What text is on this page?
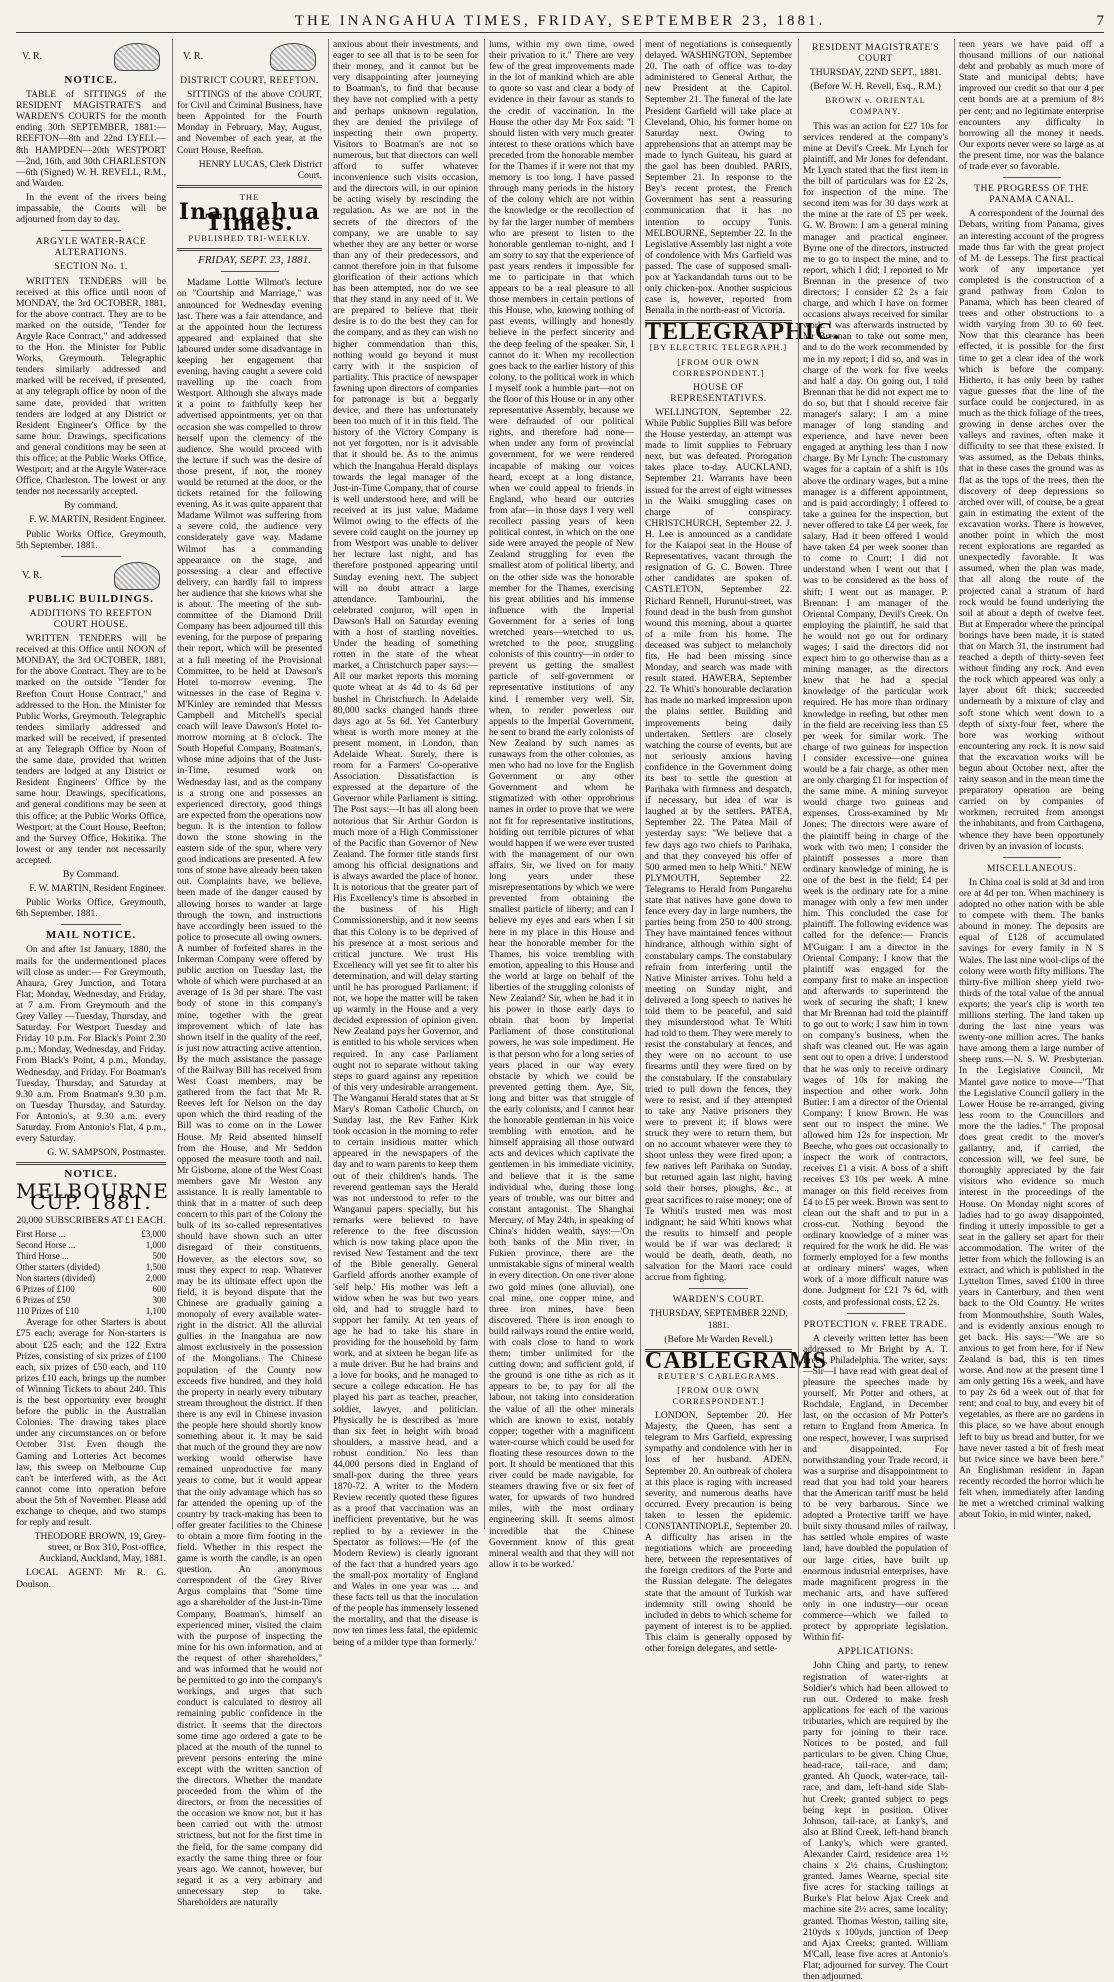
THE INANGAHUA TIMES, FRIDAY, SEPTEMBER 23, 1881.	7
V. R.
NOTICE.

TABLE of SITTINGS of the RESIDENT MAGISTRATE'S and WARDEN'S COURTS for the month ending 30th SEPTEMBER, 1881:— REEFTON—8th and 22nd LYELL—8th HAMPDEN—20th WESTPORT—2nd, 16th, and 30th CHARLESTON—6th (Signed) W. H. REVELL, R.M., and Warden.

In the event of the rivers being impassable, the Courts will be adjourned from day to day.

ARGYLE WATER-RACE ALTERATIONS.
SECTION No. 1.

WRITTEN TENDERS will be received at this office until noon of MONDAY, the 3rd OCTOBER, 1881, for the above contract. They are to be marked on the outside, "Tender for Argyle Race Contract," and addressed to the Hon. the Minister for Public Works, Greymouth. Telegraphic tenders similarly addressed and marked will be received, if presented, at any telegraph office by noon of the same date, provided that written tenders are lodged at any District or Resident Engineer's Office by the same hour. Drawings, specifications and general conditions may be seen at this office; at the Public Works Office, Westport; and at the Argyle Water-race Office, Charleston. The lowest or any tender not necessarily accepted.

By command.

F. W. MARTIN, Resident Engineer.

Public Works Office, Greymouth, 5th September, 1881.

V. R.
PUBLIC BUILDINGS.
ADDITIONS TO REEFTON COURT HOUSE.

WRITTEN TENDERS will be received at this Office until NOON of MONDAY, the 3rd OCTOBER, 1881, for the above Contract. They are to be marked on the outside "Tender for Reefton Court House Contract," and addressed to the Hon. the Minister for Public Works, Greymouth. Telegraphic tenders similarly addressed and marked will be received, if presented at any Telegraph Office by Noon of the same date, provided that written tenders are lodged at any District or Resident Engineers' Office by the same hour. Drawings, specifications, and general conditions may be seen at this office; at the Public Works Office, Westport; at the Court House, Reefton; and the Survey Office, Hokitika. The lowest or any tender not necessarily accepted.

By Command.

F. W. MARTIN, Resident Engineer.

Public Works Office, Greymouth, 6th September, 1881.

MAIL NOTICE.

On and after 1st January, 1880, the mails for the undermentioned places will close as under:— For Greymouth, Ahaura, Grey Junction, and Totara Flat; Monday, Wednesday, and Friday, at 7 a.m. From Greymouth and the Grey Valley —Tuesday, Thursday, and Saturday. For Westport Tuesday and Friday 10 p.m. For Black's Point 2.30 p.m.; Monday, Wednesday, and Friday. From Black's Point, 4 p.m., Monday, Wednesday, and Friday. For Boatman's Tuesday, Thursday, and Saturday at 9.30 a.m. From Boatman's 9.30 p.m. on Tuesday Thursday, and Saturday. For Antonio's, at 9.30 a.m. every Saturday. From Antonio's Flat, 4 p.m., every Saturday.

G. W. SAMPSON, Postmaster.

NOTICE.
MELBOURNE CUP. 1881.

20,000 SUBSCRIBERS AT £1 EACH.

First Horse ...	£3,000
Second Horse ...	1,000
Third Horse ...	500
Other starters (divided)	1,500
Non starters (divided)	2,000
6 Prizes of £100	600
6 Prizes of £50	300
110 Prizes of £10	1,100

Average for other Starters is about £75 each; average for Non-starters is about £25 each; and the 122 Extra Prizes, consisting of six prizes of £100 each, six prizes of £50 each, and 110 prizes £10 each, brings up the number of Winning Tickets to about 240. This is the best opportunity ever brought before the public in the Australian Colonies. The drawing takes place under any circumstances on or before October 31st. Even though the Gaming and Lotteries Act becomes law, this sweep on Melbourne Cup can't be interfered with, as the Act cannot come into operation before about the 5th of November. Please add exchange to cheque, and two stamps for reply and result.

THEODORE BROWN, 19, Grey-street, or Box 310, Post-office, Auckland, Auckland, May, 1881.

LOCAL AGENT: Mr R. G. Doulson.

V. R.
DISTRICT COURT, REEFTON.

SITTINGS of the above COURT, for Civil and Criminal Business, have been Appointed for the Fourth Monday in February, May, August, and November of each year, at the Court House, Reefton.

HENRY LUCAS, Clerk District Court.

THE

Inangahua Times.

PUBLISHED TRI-WEEKLY.

FRIDAY, SEPT. 23, 1881.

Madame Lottie Wilmot's lecture on "Courtship and Marriage," was announced for Wednesday evening last. There was a fair attendance, and at the appointed hour the lecturess appeared and explained that she laboured under some disadvantage in keeping her engagement that evening, having caught a severe cold travelling up the coach from Westport. Although she always made it a point to faithfully keep her advertised appointments, yet on that occasion she was compelled to throw herself upon the clemency of the audience. She would proceed with the lecture if such was the desire of those present, if not, the money would be returned at the door, or the tickets retained for the following evening. As it was quite apparent that Madame Wilmot was suffering from a severe cold, the audience very considerately gave way. Madame Wilmot has a commanding appearance on the stage, and possessing a clear and effective delivery, can hardly fail to impress her audience that she knows what she is about. The meeting of the sub-committee of the Diamond Drill Company has been adjourned till this evening, for the purpose of preparing their report, which will be presented at a full meeting of the Provisional Committee, to be held at Dawson's Hotel to-morrow evening. The witnesses in the case of Regina v. M'Kinley are reminded that Messrs Campbell and Mitchell's special coach will leave Dawson's Hotel to-morrow morning at 8 o'clock. The South Hopeful Company, Boatman's, whose mine adjoins that of the Just-in-Time, resumed work on Wednesday last, and as the company is a strong one and possesses an experienced directory, good things are expected from the operations now begun. It is the intention to follow down the stone showing in the eastern side of the spur, where very good indications are presented. A few tons of stone have already been taken out. Complaints have, we believe, been made of the danger caused by allowing horses to wander at large through the town, and instructions have accordingly been issued to the police to prosecute all owing owners. A number of forfeited shares in the Inkerman Company were offered by public auction on Tuesday last, the whole of which were purchased at an average of 1s 3d per share. The vast body of stone in this company's mine, together with the great improvement which of late has shown itself in the quality of the reef, is just now attracting active attention. By the much assistance the passage of the Railway Bill has received from West Coast members, may be gathered from the fact that Mr R. Reeves left for Nelson on the day upon which the third reading of the Bill was to come on in the Lower House. Mr Reid absented himself from the House, and Mr Seddon opposed the measure tooth and nail. Mr Gisborne, alone of the West Coast members gave Mr Weston any assistance. It is really lamentable to think that in a matter of such deep concern to this part of the Colony the bulk of its so-called representatives should have shown such an utter disregard of their constituents. However, as the electors sow, so must they expect to reap. Whatever may be its ultimate effect upon the field, it is beyond dispute that the Chinese are gradually gaining a monopoly of every available water-right in the district. All the alluvial gullies in the Inangahua are now almost exclusively in the possession of the Mongolians. The Chinese population of the County now exceeds five hundred, and they hold the property in nearly every tributary stream throughout the district. If then there is any evil in Chinese invasion the people here should shortly know something about it. It may be said that much of the ground they are now working would otherwise have remained unproductive for many years to come, but it would appear that the only advantage which has so far attended the opening up of the country by track-making has been to offer greater facilities to the Chinese to obtain a more firm footing in the field. Whether in this respect the game is worth the candle, is an open question. An anonymous correspondent of the Grey River Argus complains that "Some time ago a shareholder of the Just-in-Time Company, Boatman's, himself an experienced miner, visited the claim with the purpose of inspecting the mine for his own information, and at the request of other shareholders," and was informed that he would not be permitted to go into the company's workings, and urges that such conduct is calculated to destroy all remaining public confidence in the district. It seems that the directors some time ago ordered a gate to be placed at the mouth of the tunnel to prevent persons entering the mine except with the written sanction of the directors. Whether the mandate proceeded from the whim of the directors, or from the necessities of the occasion we know not, but it has been carried out with the utmost strictness, but not for the first time in the field, for the same company did exactly the same thing three or four years ago. We cannot, however, but regard it as a very arbitrary and unnecessary step to take. Shareholders are naturally

anxious about their investments, and eager to see all that is to be seen for their money, and it cannot but be very disappointing after journeying to Boatman's, to find that because they have not complied with a petty and perhaps unknown regulation, they are denied the privilege of inspecting their own property. Visitors to Boatman's are not so numerous, but that directors can well afford to suffer whatever inconvenience such visits occasion, and the directors will, in our opinion be acting wisely by rescinding the regulation. As we are not in the secrets of the directors of the company, we are unable to say whether they are any better or worse than any of their predecessors, and cannot therefore join in that fulsome glorification of their actions which has been attempted, nor do we see that they stand in any need of it. We are prepared to believe that their desire is to do the best they can for the company, and as they can wish no higher commendation than this, nothing would go beyond it must carry with it the suspicion of partiality. This practice of newspaper fawning upon directors of companies for patronage is but a beggarly device, and there has unfortunately been too much of it in this field. The history of the Victory Company is not yet forgotten, nor is it advisable that it should be. As to the animus which the Inangahua Herald displays towards the legal manager of the Just-in-Time Company, that of course is well understood here, and will be received at its just value. Madame Wilmot owing to the effects of the severe cold caught on the journey up from Westport was unable to deliver her lecture last night, and has therefore postponed appearing until Sunday evening next. The subject will no doubt attract a large attendance. Tambourini, the celebrated conjuror, will open in Dawson's Hall on Saturday evening with a host of startling novelties. Under the heading of something rotten in the state of the wheat market, a Christchurch paper says:—All our market reports this morning quote wheat at 4s 4d to 4s 6d per bushel in Christchurch. In Adelaide 80,000 sacks changed hands three days ago at 5s 6d. Yet Canterbury wheat is worth more money at the present moment, in London, than Adelaide Wheat. Surely, there is room for a Farmers' Co-operative Association. Dissatisfaction is expressed at the departure of the Governor while Parliament is sitting. The Post says:—It has all along been notorious that Sir Arthur Gordon is much more of a High Commissioner of the Pacific than Governor of New Zealand. The former title stands first among his official designations and is always awarded the place of honor. It is notorious that the greater part of His Excellency's time is absorbed in the business of his High Commissionership, and it now seems that this Colony is to be deprived of his presence at a most serious and critical juncture. We trust His Excellency will yet see fit to alter his determination, and will delay starting until he has prorogued Parliament; if not, we hope the matter will be taken up warmly in the House and a very decided expression of opinion given. New Zealand pays her Governor, and is entitled to his whole services when required. In any case Parliament ought not to separate without taking steps to guard against any repetition of this very undesirable arrangement. The Wanganui Herald states that at St Mary's Roman Catholic Church, on Sunday last, the Rev Father Kirk took occasion in the morning to refer to certain insidious matter which appeared in the newspapers of the day and to warn parents to keep them out of their children's hands. The reverend gentleman says the Herald was not understood to refer to the Wanganui papers specially, but his remarks were believed to have reference to the free discussion which is now taking place upon the revised New Testament and the text of the Bible generally. General Garfield affords another example of 'self help.' His mother was left a widow when he was but two years old, and had to struggle hard to support her family. At ten years of age he had to take his share in providing for the household by farm work, and at sixteen he began life as a mule driver. But he had brains and a love for books, and he managed to secure a college education. He has played his part as teacher, preacher, soldier, lawyer, and politician. Physically he is described as 'more than six feet in height with broad shoulders, a massive head, and a robust condition.' No less than 44,000 persons died in England of small-pox during the three years 1870-72. A writer to the Modern Review recently quoted these figures as a proof that vaccination was an inefficient preventative, but he was replied to by a reviewer in the Spectator as follows:—'He (of the Modern Review) is clearly ignorant of the fact that a hundred years ago the small-pox mortality of England and Wales in one year was ... and these facts tell us that the inoculation of the people has immensely lessened the mortality, and that the disease is now ten times less fatal, the epidemic being of a milder type than formerly.'

lums, within my own time, owed their privation to it." There are very few of the great improvements made in the lot of mankind which are able to quote so vast and clear a body of evidence in their favour as stands to the credit of vaccination. In the House the other day Mr Fox said: "I should listen with very much greater interest to these orations which have preceded from the honorable member for the Thames if it were not that my memory is too long. I have passed through many periods in the history of the colony which are not within the knowledge or the recollection of by far the larger number of members who are present to listen to the honorable gentleman to-night, and I am sorry to say that the experience of past years renders it impossible for me to participate in that which appears to be a real pleasure to all those members in certain portions of this House, who, knowing nothing of past events, willingly and honestly believe in the perfect sincerity and the deep feeling of the speaker. Sir, I cannot do it. When my recollection goes back to the earlier history of this colony, to the political work in which I myself took a humble part—not on the floor of this House or in any other representative Assembly, because we were defrauded of our political rights, and therefore had none—when under any form of provincial government, for we were rendered incapable of making our voices heard, except at a long distance, when we could appeal to friends in England, who heard our outcries from afar—in those days I very well recollect passing years of keen political contest, in which on the one side were arrayed the people of New Zealand struggling for even the smallest atom of political liberty, and on the other side was the honorable member for the Thames, exercising his great abilities and his immense influence with the Imperial Government for a series of long wretched years—wretched to us, wretched to the poor, struggling colonists of this country—in order to prevent us getting the smallest particle of self-government or representative institutions of any kind. I remember very well, Sir, when, to render powerless our appeals to the Imperial Government, he sent to brand the early colonists of New Zealand by such names as runaways from the other colonies, as men who had no love for the English Government or any other Government and whom he stigmatized with other opprobrious names in order to prove that we were not fit for representative institutions, holding out terrible pictures of what would happen if we were ever trusted with the management of our own affairs. Sir, we lived on for many long years under these misrepresentations by which we were prevented from obtaining the smallest particle of liberty; and can I believe my eyes and ears when I sit here in my place in this House and hear the honorable member for the Thames, his voice trembling with emotion, appealing to this House and the world at large on behalf of the liberties of the struggling colonists of New Zealand? Sir, when he had it in his power in those early days to obtain that boon by Imperial Parliament of those constitutional powers, he was sole impediment. He is that person who for a long series of years placed in our way every obstacle by which we could be prevented getting them. Aye, Sir, long and bitter was that struggle of the early colonists, and I cannot hear the honorable gentleman in his voice trembling with emotion, and he himself appraising all those outward acts and devices which captivate the gentlemen in his immediate vicinity, and believe that it is the same individual who, during those long years of trouble, was our bitter and constant antagonist. The Shanghai Mercury, of May 24th, in speaking of China's hidden wealth, says:—'On both banks of the Min river, in Fukien province, there are the unmistakable signs of mineral wealth in every direction. On one river alone two gold mines (one alluvial), one coal mine, one copper mine, and three iron mines, have been discovered. There is iron enough to build railways round the entire world, with coals close to hand to work them; timber unlimited for the cutting down; and sufficient gold, if the ground is one tithe as rich as it appears to be, to pay for all the labour, not taking into consideration the value of all the other minerals which are known to exist, notably copper; together with a magnificent water-course which could be used for floating these resources down to the port. It should be mentioned that this river could be made navigable, for steamers drawing five or six feet of water, for upwards of two hundred miles, with the most ordinary engineering skill. It seems almost incredible that the Chinese Government know of this great mineral wealth and that they will not allow it to be worked.'

ment of negotiations is consequently delayed. WASHINGTON, September 20. The oath of office was to-day administered to General Arthur, the new President at the Capitol. September 21. The funeral of the late President Garfield will take place at Cleveland, Ohio, his former home on Saturday next. Owing to apprehensions that an attempt may be made to lynch Guiteau, his guard at the gaol has been doubled. PARIS, September 21. In response to the Bey's recent protest, the French Government has sent a reassuring communication that it has no intention to occupy Tunis. MELBOURNE, September 22. In the Legislative Assembly last night a vote of condolence with Mrs Garfield was passed. The case of supposed small-pox at Yackandandah turns out to be only chicken-pox. Another suspicious case is, however, reported from Benalla in the north-east of Victoria.

TELEGRAPHIC.

[BY ELECTRIC TELEGRAPH.]

[FROM OUR OWN CORRESPONDENT.]

HOUSE OF REPRESENTATIVES.

WELLINGTON, September 22. While Public Supplies Bill was before the House yesterday, an attempt was made to limit supplies to February next, but was defeated. Prorogation takes place to-day. AUCKLAND, September 21. Warrants have been issued for the arrest of eight witnesses in the Waiki smuggling cases on charge of conspiracy. CHRISTCHURCH, September 22. J. H. Lee is announced as a candidate for the Kaiapoi seat in the House of Representatives, vacant through the resignation of G. C. Bowen. Three other candidates are spoken of. CASTLETON, September 22. Richard Rennell, Hurunui-street, was found dead in the bush from gunshot wound this morning, about a quarter of a mile from his home. The deceased was subject to melancholy fits. He had been missing since Monday, and search was made with result stated. HAWERA, September 22. Te Whiti's honourable declaration has made no marked impression upon the plains settler. Building and improvements being daily undertaken. Settlers are closely watching the course of events, but are not seriously anxious having confidence in the Government doing its best to settle the question at Parihaka with firmness and despatch, if necessary, but idea of war is laughed at by the settlers. PATEA, September 22. The Patea Mail of yesterday says: "We believe that a few days ago two chiefs to Parihaka, and that they conveyed his offer of 500 armed men to help Whiti." NEW PLYMOUTH, September 22. Telegrams to Herald from Pungarehu state that natives have gone down to fence every day in large numbers, the parties being from 250 to 400 strong. They have maintained fences without hindrance, although within sight of constabulary camps. The constabulary refrain from interfering until the Native Minister arrives. Tohu held a meeting on Sunday night, and delivered a long speech to natives he told them to be peaceful, and said they misunderstood what Te Whiti had told to them. They were merely to resist the constabulary at fences, and they were on no account to use firearms until they were fired on by the constabulary. If the constabulary tried to pull down the fences, they were to resist, and if they attempted to take any Native prisoners they were to prevent it; if blows were struck they were to return them, but on no account whatever were they to shoot unless they were fired upon; a few natives left Parihaka on Sunday, but returned again last night, having sold their horses, ploughs, &c., at great sacrifices to raise money; one of Te Whiti's trusted men was most indignant; he said Whiti knows what the results to himself and people would be if war was declared; it would be death, death, death, no salvation for the Maori race could accrue from fighting.

WARDEN'S COURT.

THURSDAY, SEPTEMBER 22ND, 1881.

(Before Mr Warden Revell.)

CABLEGRAMS

REUTER'S CABLEGRAMS.

[FROM OUR OWN CORRESPONDENT.]

LONDON, September 20. Her Majesty, the Queen, has sent a telegram to Mrs Garfield, expressing sympathy and condolence with her in loss of her husband. ADEN, September 20. An outbreak of cholera at this place is raging with increased severity, and numerous deaths have occurred. Every precaution is being taken to lessen the epidemic. CONSTANTINOPLE, September 20. A difficulty has arisen in the negotiations which are proceeding here, between the representatives of the foreign creditors of the Porte and the Russian delegate. The delegates state that the amount of Turkish war indemnity still owing should be included in debts to which scheme for payment of interest is to be applied. This claim is generally opposed by other foreign delegates, and settle-

RESIDENT MAGISTRATE'S COURT

THURSDAY, 22ND SEPT., 1881.

(Before W. H. Revell, Esq., R.M.)

BROWN v. ORIENTAL COMPANY.

This was an action for £27 10s for services rendered at the company's mine at Devil's Creek. Mr Lynch for plaintiff, and Mr Jones for defendant. Mr Lynch stated that the first item in the bill of particulars was for £2 2s, for inspection of the mine. The second item was for 30 days work at the mine at the rate of £5 per week. G. W. Brown: I am a general mining manager and practical engineer. Byrne one of the directors, instructed me to go to inspect the mine, and to report, which I did; I reported to Mr Brennan in the presence of two directors; I consider £2 2s a fair charge, and which I have on former occasions always received for similar work. I was afterwards instructed by Mr Brennan to take out some men, and to do the work recommended by me in my report; I did so, and was in charge of the work for five weeks and half a day. On going out, I told Brennan that he did not expect me to do so, but that I should receive fair manager's salary; I am a mine manager of long standing and experience, and have never been engaged at anything less than I now charge. By Mr Lynch: The customary wages for a captain of a shift is 10s above the ordinary wages, but a mine manager is a different appointment, and is paid accordingly; I offered to take a guinea for the inspection, but never offered to take £4 per week, for salary. Had it been offered I would have taken £4 per week sooner than to come to Court; I did not understand when I went out that I was to be considered as the boss of shift; I went out as manager. P. Brennan: I am manager of the Oriental Company, Devil's Creek. On employing the plaintiff, he said that he would not go out for ordinary wages; I said the directors did not expect him to go otherwise than as a mining manager, as the directors knew that he had a special knowledge of the particular work required. He has more than ordinary knowledge in reefing, but other men in the field are receiving less than £5 per week for similar work. The charge of two guineas for inspection I consider excessive—one guinea would be a fair charge, as other men are only charging £1 for inspection of the same mine. A mining surveyor would charge two guineas and expenses. Cross-examined by Mr Jones: The directors were aware of the plaintiff being in charge of the work with two men; I consider the plaintiff possesses a more than ordinary knowledge of mining, he is one of the best in the field; £4 per week is the ordinary rate for a mine manager with only a few men under him. This concluded the case for plaintiff. The following evidence was called for the defence:— Francis M'Guigan: I am a director in the Oriental Company; I know that the plaintiff was engaged for the company first to make an inspection and afterwards to superintend the work of securing the shaft; I knew that Mr Brennan had told the plaintiff to go out to work; I saw him in town on company's business, when the shaft was cleaned out. He was again sent out to open a drive; I understood that he was only to receive ordinary wages of 10s for making the inspection and other work. John Butler: I am a director of the Oriental Company; I know Brown. He was sent out to inspect the mine. We allowed him 12s for inspection. Mr Beeche, who goes out occasionally to inspect the work of contractors, receives £1 a visit. A boss of a shift receives £3 10s per week. A mine manager on this field receives from £4 to £5 per week. Brown was sent to clean out the shaft and to put in a cross-cut. Nothing beyond the ordinary knowledge of a miner was required for the work he did. He was formerly employed for a few months at ordinary miners' wages, when work of a more difficult nature was done. Judgment for £21 7s 6d, with costs, and professional costs, £2 2s.

PROTECTION v. FREE TRADE.

A cleverly written letter has been addressed to Mr Bright by A. T. Freed, Philadelphia. The writer, says:—Sir—I have read with great deal of pleasure the speeches made by yourself, Mr Potter and others, at Rochdale, England, in December last, on the occasion of Mr Potter's return to England from America. In one respect, however, I was surprised and disappointed. For notwithstanding your Trade record, it was a surprise and disappointment to read that you had told your hearers that the American tariff must be held to be very barbarous. Since we adopted a Protective tariff we have built sixty thousand miles of railway, has settled whole empires of waste land, have doubled the population of our large cities, have built up enormous industrial enterprises, have made magnificent progress in the mechanic arts, and have suffered only in one industry—our ocean commerce—which we failed to protect by appropriate legislation. Within fif-

APPLICATIONS:

John Ching and party, to renew registration of water-rights at Soldier's which had been allowed to run out. Ordered to make fresh applications for each of the various tributaries, which are required by the party for joining to their race. Notices to be posted, and full particulars to be given. Ching Chue, head-race, tail-race, and dam; granted. Ah Quock, water-race, tail-race, and dam, left-hand side Slab-hut Creek; granted subject to pegs being kept in position. Oliver Johnson, tail-race, at Lanky's, and also at Blind Creek, left-hand branch of Lanky's, which were granted. Alexander Caird, residence area 1½ chains x 2½ chains, Crushington; granted. James Wearne, special site five acres for stacking tailings at Burke's Flat below Ajax Creek and machine site 2½ acres, same locality; granted. Thomas Weston, tailing site, 210yds x 100yds, junction of Deep and Ajax Creeks; granted. William M'Call, lease five acres at Antonio's Flat; adjourned for survey. The Court then adjourned.

teen years we have paid off a thousand millions of our national debt and probably as much more of State and municipal debts; have improved our credit so that our 4 per cent bonds are at a premium of 8½ per cent; and no legitimate enterprise encounters any difficulty in borrowing all the money it needs. Our exports never were so large as at the present time, nor was the balance of trade ever so favorable.

THE PROGRESS OF THE PANAMA CANAL.

A correspondent of the Journal des Debats, writing from Panama, gives an interesting account of the progress made thus far with the great project of M. de Lesseps. The first practical work of any importance yet completed is the construction of a grand pathway from Colon to Panama, which has been cleared of trees and other obstructions to a width varying from 30 to 60 feet. Now that this clearance has been effected, it is possible for the first time to get a clear idea of the work which is before the company. Hitherto, it has only been by rather vague guesses that the line of the surface could be conjectured, in as much as the thick foliage of the trees, growing in dense arches over the valleys and ravines, often make it difficulty to see that these existed. It was assumed, as the Debats thinks, that in these cases the ground was as flat as the tops of the trees, then the discovery of deep depressions so arched over will, of course, be a great gain in estimating the extent of the excavation works. There is however, another point in which the most recent explorations are regarded as unexpectedly favorable. It was assumed, when the plan was made, that all along the route of the projected canal a stratum of hard rock would be found underlying the soil at about a depth of twelve feet. But at Emperador where the principal borings have been made, it is stated that on March 31, the instrument had reached a depth of thirty-seven feet without finding any rock. And even the rock which appeared was only a layer about 6ft thick; succeeded underneath by a mixture of clay and soft stone which went down to a depth of sixty-four feet, where the bore was working without encountering any rock. It is now said that the excavation works will be begun about October next, after the rainy season and in the mean time the preparatory operation are being carried on by companies of workmen, recruited from amongst the inhabitants, and from Carthagena, whence they have been opportunely driven by an invasion of locusts.

MISCELLANEOUS.

In China coal is sold at 3d and iron ore at 4d per ton. When machinery is adopted no other nation with be able to compete with them. The banks abound in money. The deposits are equal of £128 of accumulated savings for every family in N S Wales. The last nine wool-clips of the colony were worth fifty millions. The thirty-five million sheep yield two-thirds of the total value of the annual exports; the year's clip is worth ten millions sterling. The land taken up during the last nine years was twenty-one million acres. The banks have among them a large number of sheep runs.—N. S. W. Presbyterian. In the Legislative Council, Mr Mantel gave notice to move—"That the Legislative Council gallery in the Lower House be re-arranged, giving less room to the Councillors and more the the ladies." The proposal does great credit to the mover's gallantry, and, if carried, the concession will, we feel sure, be thoroughly appreciated by the fair visitors who evidence so much interest in the proceedings of the House. On Monday night scores of ladies had to go away disappointed, finding it utterly impossible to get a seat in the gallery set apart for their accommodation. The writer of the letter from which the following is an extract, and which is published in the Lyttelton Times, saved £100 in three years in Canterbury, and then went back to the Old Country. He writes from Monmouthshire, South Wales, and is evidently anxious enough to get back. His says:—"We are so anxious to get from here, for if New Zealand is bad, this is ten times worse. And now at the present time I am only getting 16s a week, and have to pay 2s 6d a week out of that for rent; and coal to buy, and every bit of vegetables, as there are no gardens in this place, so we have about enough left to buy us bread and butter, for we have never tasted a bit of fresh meat but twice since we have been here." An Englishman resident in Japan recently recorded the horror which he felt when, immediately after landing he met a wretched criminal walking about Tokio, in mid winter, naked,
